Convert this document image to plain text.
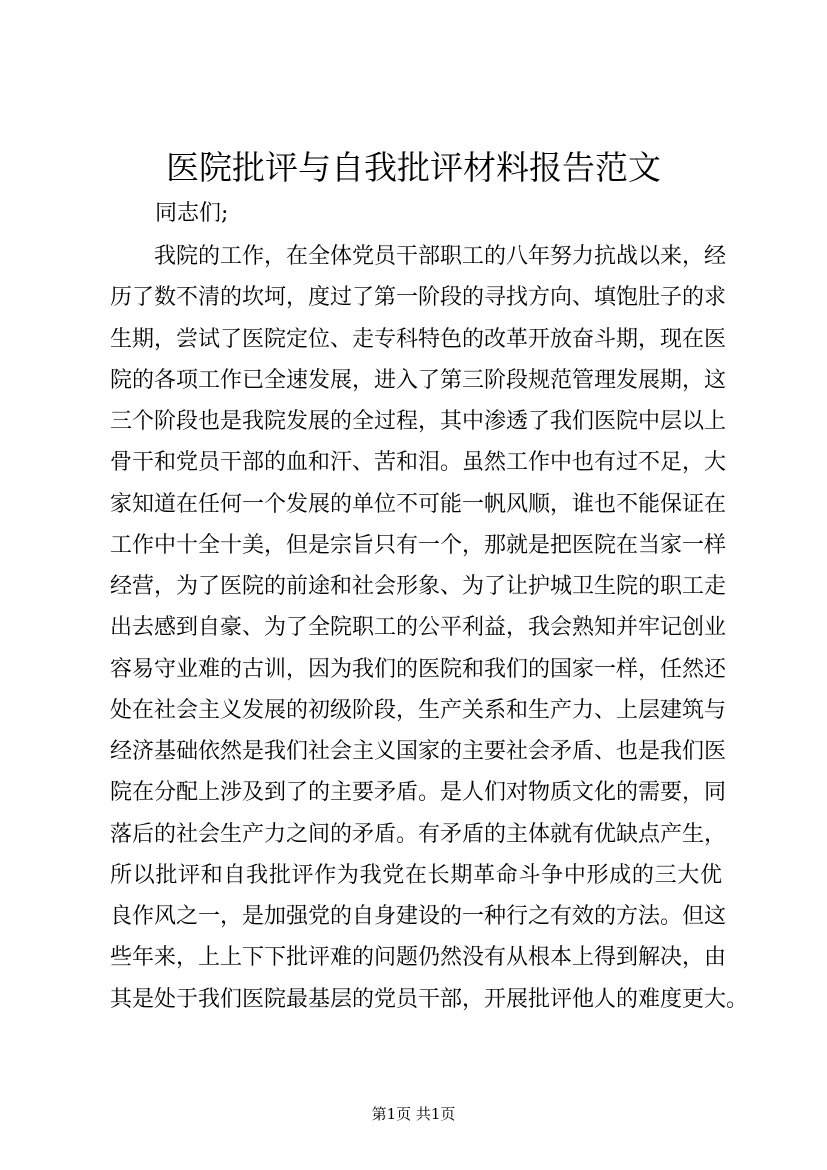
医院批评与自我批评材料报告范文

同志们;

我院的工作，在全体党员干部职工的八年努力抗战以来，经
历了数不清的坎坷，度过了第一阶段的寻找方向、填饱肚子的求
生期，尝试了医院定位、走专科特色的改革开放奋斗期，现在医
院的各项工作已全速发展，进入了第三阶段规范管理发展期，这
三个阶段也是我院发展的全过程，其中渗透了我们医院中层以上
骨干和党员干部的血和汗、苦和泪。虽然工作中也有过不足，大
家知道在任何一个发展的单位不可能一帆风顺，谁也不能保证在
工作中十全十美，但是宗旨只有一个，那就是把医院在当家一样
经营，为了医院的前途和社会形象、为了让护城卫生院的职工走
出去感到自豪、为了全院职工的公平利益，我会熟知并牢记创业
容易守业难的古训，因为我们的医院和我们的国家一样，任然还
处在社会主义发展的初级阶段，生产关系和生产力、上层建筑与
经济基础依然是我们社会主义国家的主要社会矛盾、也是我们医
院在分配上涉及到了的主要矛盾。是人们对物质文化的需要，同
落后的社会生产力之间的矛盾。有矛盾的主体就有优缺点产生，
所以批评和自我批评作为我党在长期革命斗争中形成的三大优
良作风之一，是加强党的自身建设的一种行之有效的方法。但这
些年来，上上下下批评难的问题仍然没有从根本上得到解决，由
其是处于我们医院最基层的党员干部，开展批评他人的难度更大。
第1页 共1页
